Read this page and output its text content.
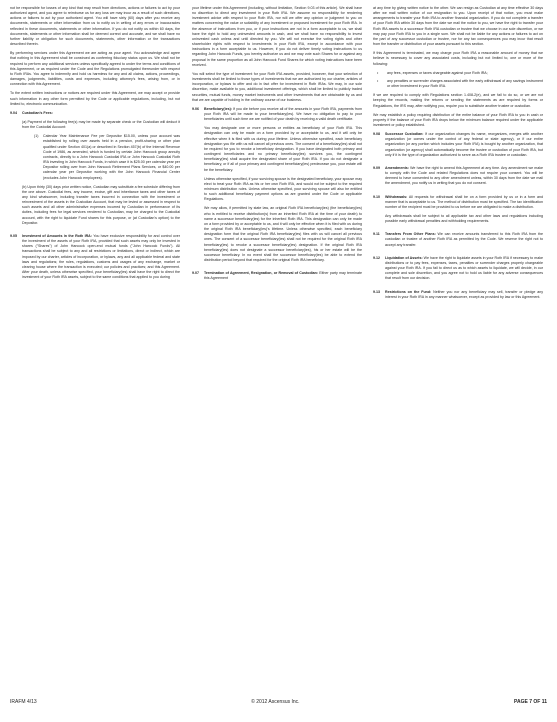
not be responsible for losses of any kind that may result from directions, actions or failures to act by your authorized agent, and you agree to reimburse us for any loss we may incur as a result of such directions, actions or failures to act by your authorized agent. You will have sixty (60) days after you receive any documents, statements or other information from us to notify us in writing of any errors or inaccuracies reflected in these documents, statements or other information. If you do not notify us within 60 days, the documents, statements or other information shall be deemed correct and accurate, and we shall have no further liability or obligation for such documents, statements, other information or the transactions described therein.

By performing services under this Agreement we are acting as your agent. You acknowledge and agree that nothing in this Agreement shall be construed as conferring fiduciary status upon us. We shall not be required to perform any additional services unless specifically agreed to under the terms and conditions of this Agreement, or as required under the Code and the Regulations promulgated thereunder with respect to Roth IRAs. You agree to indemnify and hold us harmless for any and all claims, actions, proceedings, damages, judgments, liabilities, costs and expenses, including attorney's fees, arising from, or in connection with this Agreement.

To the extent written instructions or notices are required under this Agreement, we may accept or provide such information in any other form permitted by the Code or applicable regulations, including, but not limited to, electronic communication.

9.04	Custodian's Fees:

(a) Payment of the following fee(s) may be made by separate check or the Custodian will deduct it from the Custodial Account:
(1)	Calendar Year Maintenance Fee per Depositor $15.00, unless your account was established by rolling over assets held in a pension, profit-sharing or other plan qualified under Section 401(a) or described in Section 457(b) of the Internal Revenue Code of 1986, as amended, which is funded by certain John Hancock group annuity contracts, directly to a John Hancock Custodial IRA or John Hancock Custodial Roth IRA investing in John Hancock Funds, in which case it is $25.00 per calendar year per Depositor rolling over from John Hancock Retirement Plans Services, or $40.00 per calendar year per Depositor working with the John Hancock Financial Center (excludes John Hancock employees).
(b) Upon thirty (30) days prior written notice, Custodian may substitute a fee schedule differing from the one above. Custodial fees, any income, excise, gift and inheritance taxes and other taxes of any kind whatsoever, including transfer taxes incurred in connection with the investment or reinvestment of the assets in the Custodian Account, that may be levied or assessed in respect to such assets and all other administrative expenses incurred by Custodian in performance of its duties, including fees for legal services rendered to Custodian, may be charged to the Custodial account, with the right to liquidate Fund shares for this purpose, or (at Custodian's option) to the Depositor.
9.05	Investment of Amounts in the Roth IRA: You have exclusive responsibility for and control over the investment of the assets of your Roth IRA, provided that such assets may only be invested in shares ("Shares") of John Hancock open-end mutual funds ("John Hancock Funds"). All transactions shall be subject to any and all restrictions or limitations, direct or indirect, which are imposed by our charter, articles of incorporation, or bylaws, any and all applicable federal and state laws and regulations; the rules, regulations, customs and usages of any exchange, market or clearing house where the transaction is executed; our policies and practices; and this Agreement. After your death, unless otherwise specified, your beneficiary(ies) shall have the right to direct the investment of your Roth IRA assets, subject to the same conditions that applied to you during

your lifetime under this Agreement (including, without limitation, Section 9.03 of this article). We shall have no discretion to direct any investment in your Roth IRA. We assume no responsibility for rendering investment advice with respect to your Roth IRA, nor will we offer any opinion or judgment to you on matters concerning the value or suitability of any investment or proposed investment for your Roth IRA. In the absence of instructions from you, or if your instructions are not in a form acceptable to us, we shall have the right to hold any uninvested amounts in cash, and we shall have no responsibility to invest uninvested cash unless and until directed by you. We will not exercise the voting rights and other shareholder rights with respect to investments in your Roth IRA, except in accordance with your instructions in a form acceptable to us. However, if you do not deliver timely voting instructions to us regarding John Hancock Funds, you hereby authorize us and we may vote such Shares for or against any proposal in the same proportion as all John Hancock Fund Shares for which voting instructions have been received.

You will select the type of investment for your Roth IRA assets, provided, however, that your selection of investments shall be limited to those types of investments that we are authorized by our charter, articles of incorporation, or bylaws to offer and do in fact offer for investment in Roth IRAs. We may, in our sole discretion, make available to you, additional investment offerings, which shall be limited to publicly traded securities, mutual funds, money market instruments and other investments that are obtainable by us and that we are capable of holding in the ordinary course of our business.

9.06	Beneficiary(ies): If you die before you receive all of the amounts in your Roth IRA, payments from your Roth IRA will be made to your beneficiary(ies). We have no obligation to pay to your beneficiaries until such time we are notified of your death by receiving a valid death certificate.

You may designate one or more persons or entities as beneficiary of your Roth IRA. This designation can only be made on a form provided by or acceptable to us, and it will only be effective when it is filed with us during your lifetime. Unless otherwise specified, each beneficiary designation you file with us will cancel all previous ones. The consent of a beneficiary(ies) shall not be required for you to revoke a beneficiary designation. If you have designated both primary and contingent beneficiaries and no primary beneficiary(ies) survives you, the contingent beneficiary(ies) shall acquire the designated share of your Roth IRA. If you do not designate a beneficiary, or if all of your primary and contingent beneficiary(ies) predecease you, your estate will be the beneficiary.

Unless otherwise specified, if your surviving spouse is the designated beneficiary, your spouse may elect to treat your Roth IRA as his or her own Roth IRA, and would not be subject to the required minimum distribution rules. Unless otherwise specified, your surviving spouse will also be entitled to such additional beneficiary payment options as are granted under the Code or applicable Regulations.

We may allow, if permitted by state law, an original Roth IRA beneficiary(ies) (the beneficiary(ies) who is entitled to receive distribution(s) from an inherited Roth IRA at the time of your death) to name a successor beneficiary(ies) for the inherited Roth IRA. This designation can only be made on a form provided by or acceptable to us, and it will only be effective when it is filed with us during the original Roth IRA beneficiary(ies)'s lifetime. Unless otherwise specified, each beneficiary designation form that the original Roth IRA beneficiary(ies) files with us will cancel all previous ones. The consent of a successor beneficiary(ies) shall not be required for the original Roth IRA beneficiary(ies) to revoke a successor beneficiary(ies) designation. If the original Roth IRA beneficiary(ies) does not designate a successor beneficiary(ies), his or her estate will be the successor beneficiary. In no event shall the successor beneficiary(ies) be able to extend the distribution period beyond that required for the original Roth IRA beneficiary.

9.07	Termination of Agreement, Resignation, or Removal of Custodian: Either party may terminate this Agreement

at any time by giving written notice to the other. We can resign as Custodian at any time effective 30 days after we mail written notice of our resignation to you. Upon receipt of that notice, you must make arrangements to transfer your Roth IRA to another financial organization. If you do not complete a transfer of your Roth IRA within 30 days from the date we mail the notice to you, we have the right to transfer your Roth IRA assets to a successor Roth IRA custodian or trustee that we choose in our sole discretion, or we may pay your Roth IRA to you in a single sum. We shall not be liable for any actions or failures to act on the part of any successor custodian or trustee, nor for any tax consequences you may incur that result from the transfer or distribution of your assets pursuant to this section.

If this Agreement is terminated, we may charge your Roth IRA a reasonable amount of money that we believe is necessary to cover any associated costs, including but not limited to, one or more of the following:

• any fees, expenses or taxes chargeable against your Roth IRA;
• any penalties or surrender charges associated with the early withdrawal of any savings instrument or other investment in your Roth IRA.

If we are required to comply with Regulations section 1.408-2(e), and we fail to do so, or we are not keeping the records, making the returns or sending the statements as are required by forms or Regulations, the IRS may, after notifying you, require you to substitute another trustee or custodian.

We may establish a policy requiring distribution of the entire balance of your Roth IRA to you in cash or property if the balance of your Roth IRA drops below the minimum balance required under the applicable investment or policy established.

9.08	Successor Custodian: If our organization changes its name, reorganizes, merges with another organization (or comes under the control of any federal or state agency), or if our entire organization (or any portion which includes your Roth IRA) is bought by another organization, that organization (or agency) shall automatically become the trustee or custodian of your Roth IRA, but only if it is the type of organization authorized to serve as a Roth IRA trustee or custodian.

9.09	Amendments: We have the right to amend this Agreement at any time. Any amendment we make to comply with the Code and related Regulations does not require your consent. You will be deemed to have consented to any other amendment unless, within 30 days from the date we mail the amendment, you notify us in writing that you do not consent.

9.10	Withdrawals: All requests for withdrawal shall be on a form provided by us or in a form and manner that is acceptable to us. The method of distribution must be specified. The tax identification number of the recipient must be provided to us before we are obligated to make a distribution.

Any withdrawals shall be subject to all applicable tax and other laws and regulations including possible early withdrawal penalties and withholding requirements.

9.11	Transfers From Other Plans: We can receive amounts transferred to this Roth IRA from the custodian or trustee of another Roth IRA as permitted by the Code. We reserve the right not to accept any transfer.

9.12	Liquidation of Assets: We have the right to liquidate assets in your Roth IRA if necessary to make distributions or to pay fees, expenses, taxes, penalties or surrender charges properly chargeable against your Roth IRA. If you fail to direct us as to which assets to liquidate, we will decide, in our complete and sole discretion, and you agree not to hold us liable for any adverse consequences that result from our decision.

9.13	Restrictions on the Fund: Neither you nor any beneficiary may sell, transfer or pledge any interest in your Roth IRA in any manner whatsoever, except as provided by law or this Agreement.

IRAFM 4/13	© 2012 Ascensus Inc.	PAGE 7 OF 11
